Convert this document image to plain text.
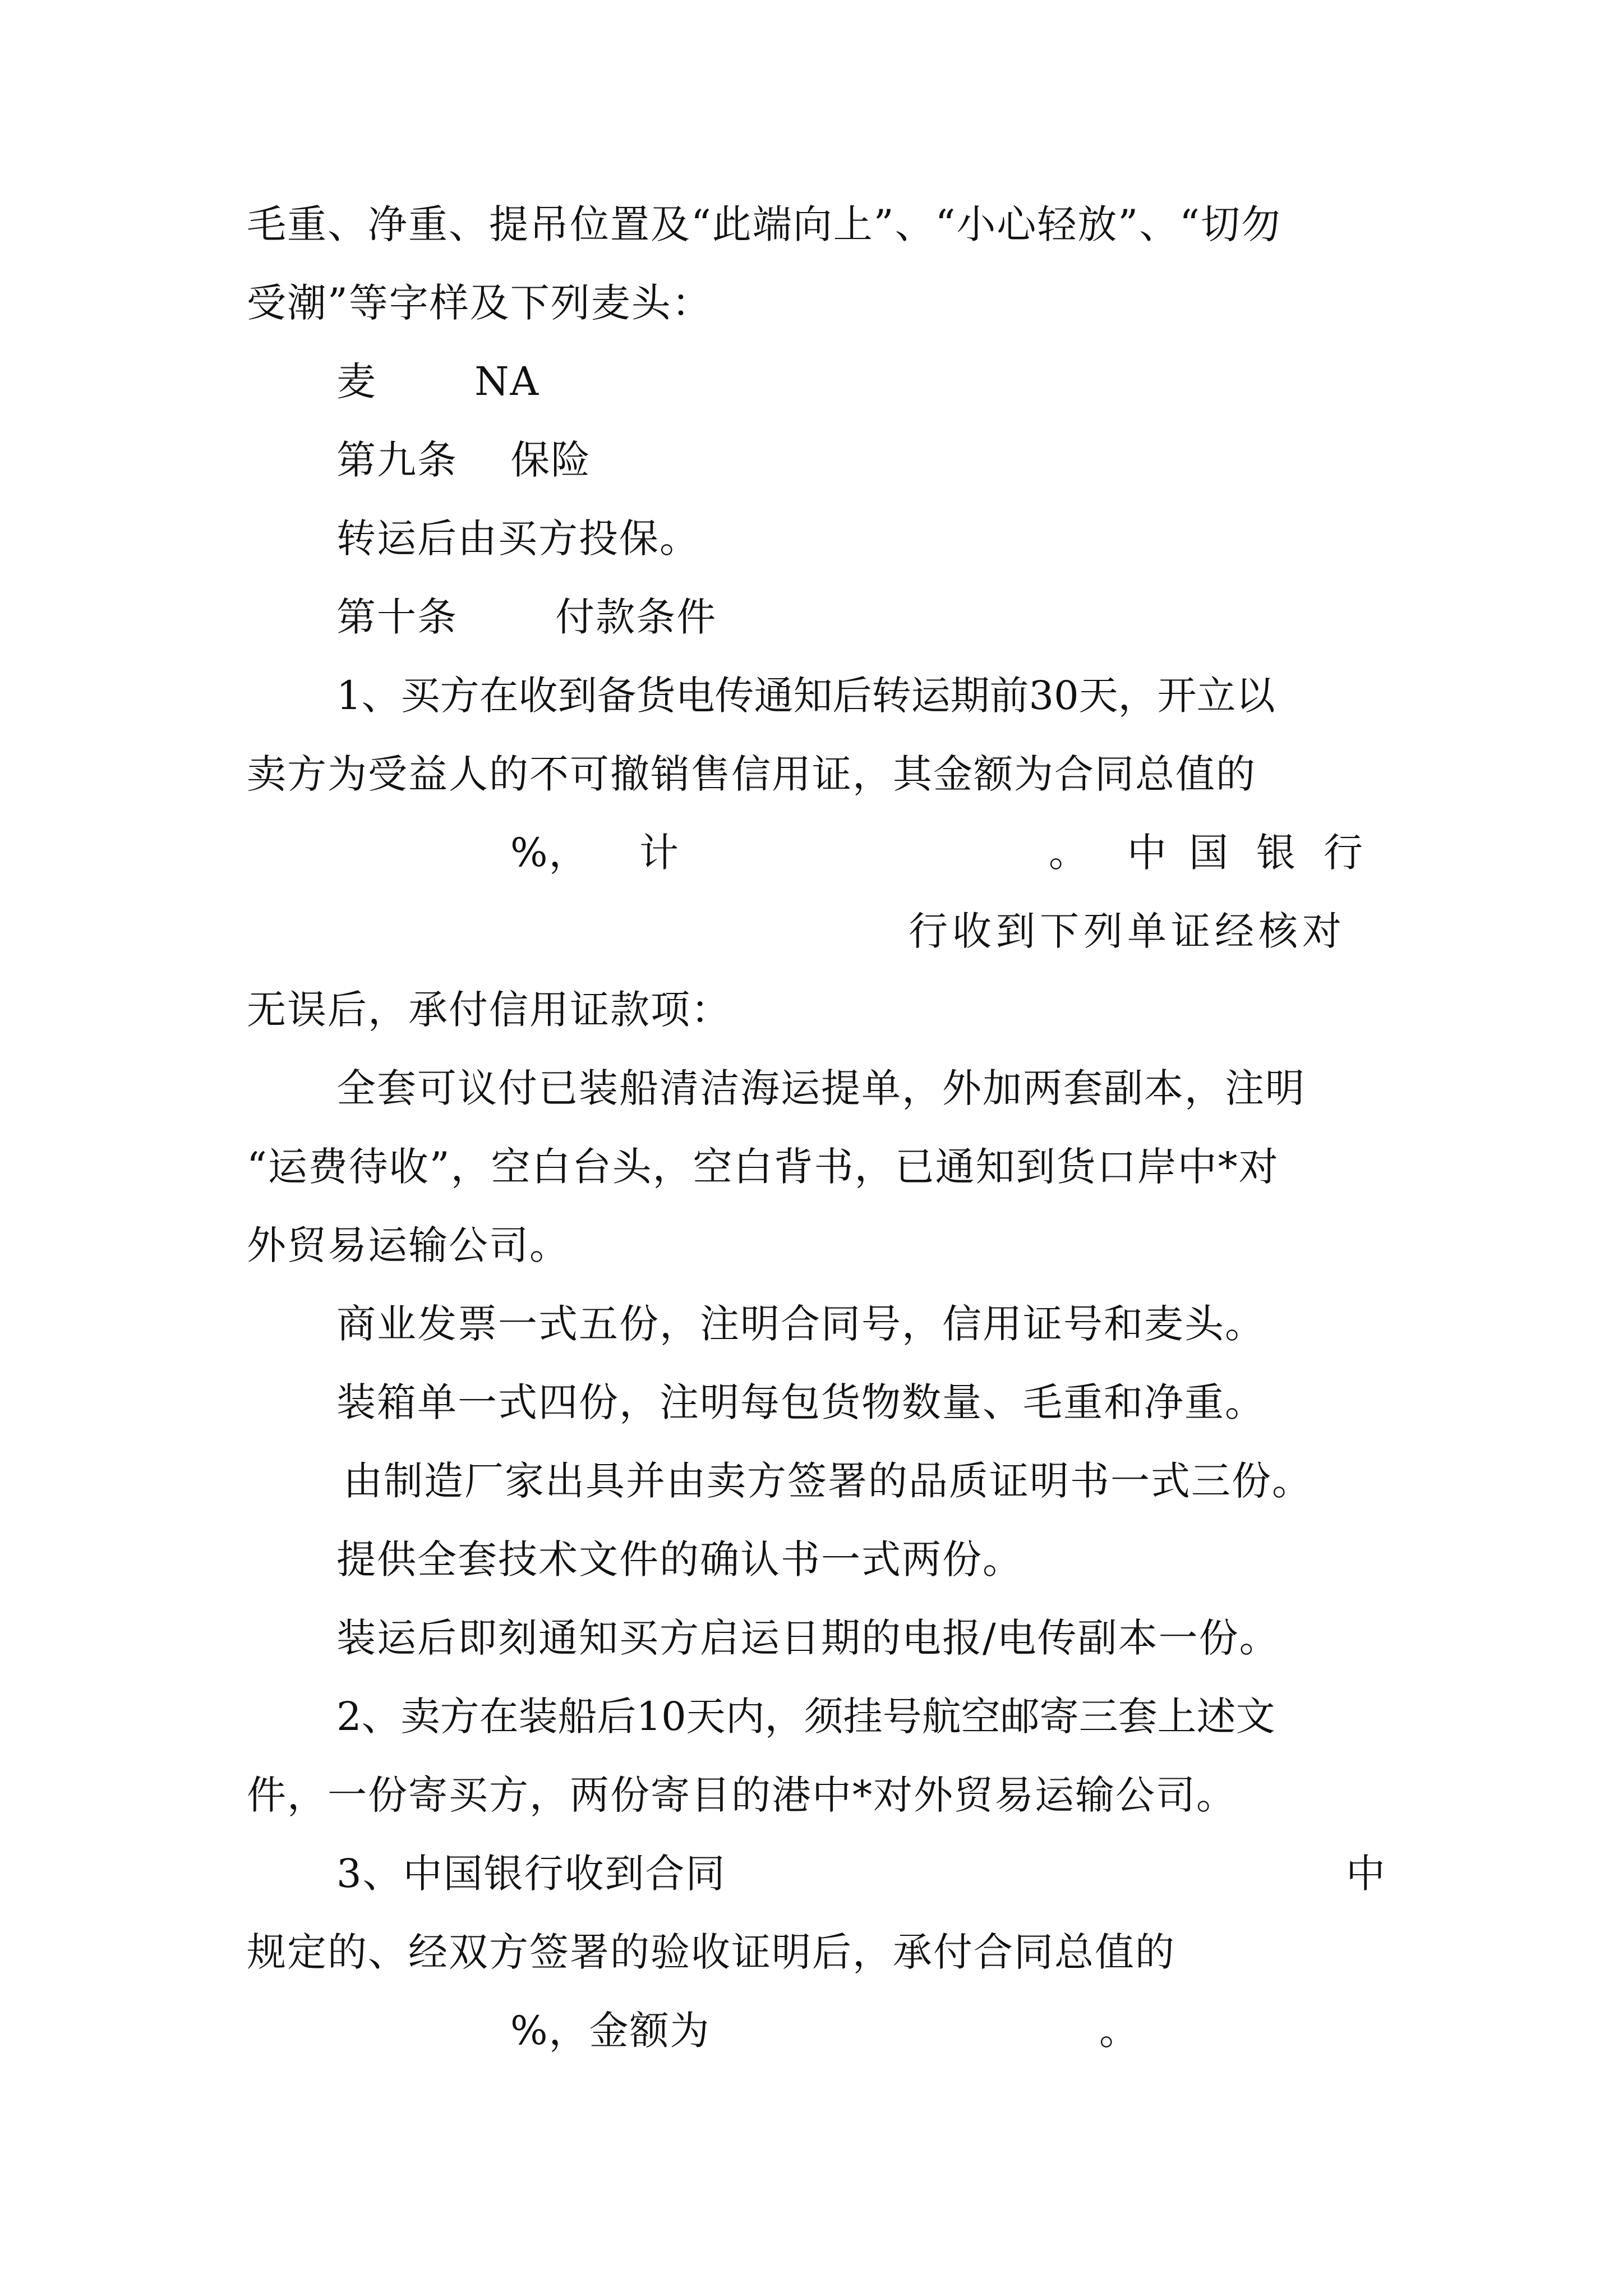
毛重、净重、提吊位置及“此端向上”、“小心轻放”、“切勿
受潮”等字样及下列麦头：
麦 NA
第九条 保险
转运后由买方投保。
第十条 付款条件
1、买方在收到备货电传通知后转运期前30天，开立以
卖方为受益人的不可撤销售信用证，其金额为合同总值的
%， 计	。 中 国 银 行
行收到下列单证经核对
无误后，承付信用证款项：
全套可议付已装船清洁海运提单，外加两套副本，注明
“运费待收”，空白台头，空白背书，已通知到货口岸中*对
外贸易运输公司。
商业发票一式五份，注明合同号，信用证号和麦头。
装箱单一式四份，注明每包货物数量、毛重和净重。
由制造厂家出具并由卖方签署的品质证明书一式三份。
提供全套技术文件的确认书一式两份。
装运后即刻通知买方启运日期的电报/电传副本一份。
2、卖方在装船后10天内，须挂号航空邮寄三套上述文
件，一份寄买方，两份寄目的港中*对外贸易运输公司。
3、中国银行收到合同	中
规定的、经双方签署的验收证明后，承付合同总值的
%，金额为	。
